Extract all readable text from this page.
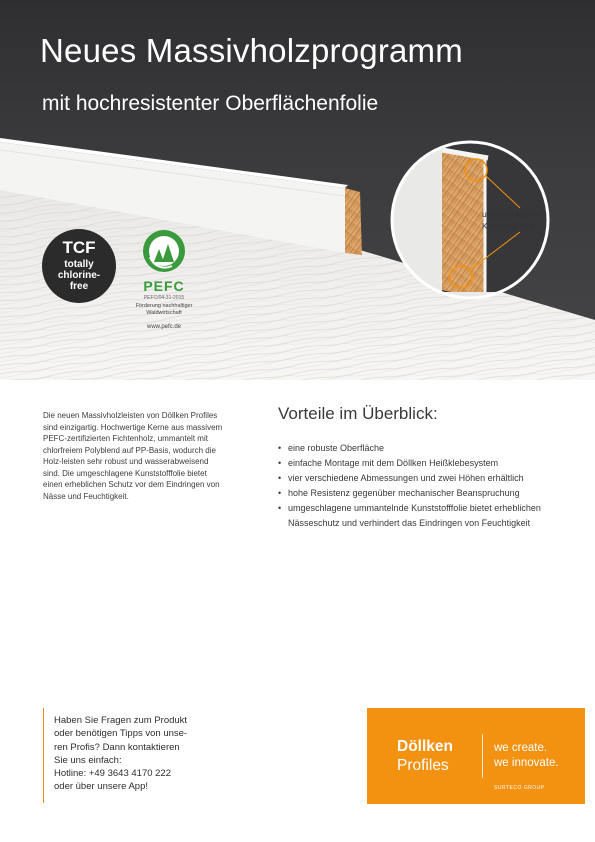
Neues Massivholzprogramm
mit hochresistenter Oberflächenfolie
TCF
totally
chlorine-
free	PEFC
PEFC/04-31-2015
Förderung nachhaltiger
Waldwirtschaft
www.pefc.de
umgeschlagene
Kunststofffolie
Die neuen Massivholzleisten von Döllken Profiles sind einzigartig. Hochwertige Kerne aus massivem PEFC-zertifizierten Fichtenholz, ummantelt mit chlorfreiem Polyblend auf PP-Basis, wodurch die Holz-leisten sehr robust und wasserabweisend sind. Die umgeschlagene Kunststofffolie bietet einen erheblichen Schutz vor dem Eindringen von Nässe und Feuchtigkeit.
Vorteile im Überblick:
• eine robuste Oberfläche
• einfache Montage mit dem Döllken Heißklebesystem
• vier verschiedene Abmessungen und zwei Höhen erhältlich
• hohe Resistenz gegenüber mechanischer Beanspruchung
• umgeschlagene ummantelnde Kunststofffolie bietet erheblichen Nässeschutz und verhindert das Eindringen von Feuchtigkeit
Haben Sie Fragen zum Produkt
oder benötigen Tipps von unse-
ren Profis? Dann kontaktieren
Sie uns einfach:
Hotline: +49 3643 4170 222
oder über unsere App!
Döllken
Profiles
we create.
we innovate.
SURTECO GROUP
